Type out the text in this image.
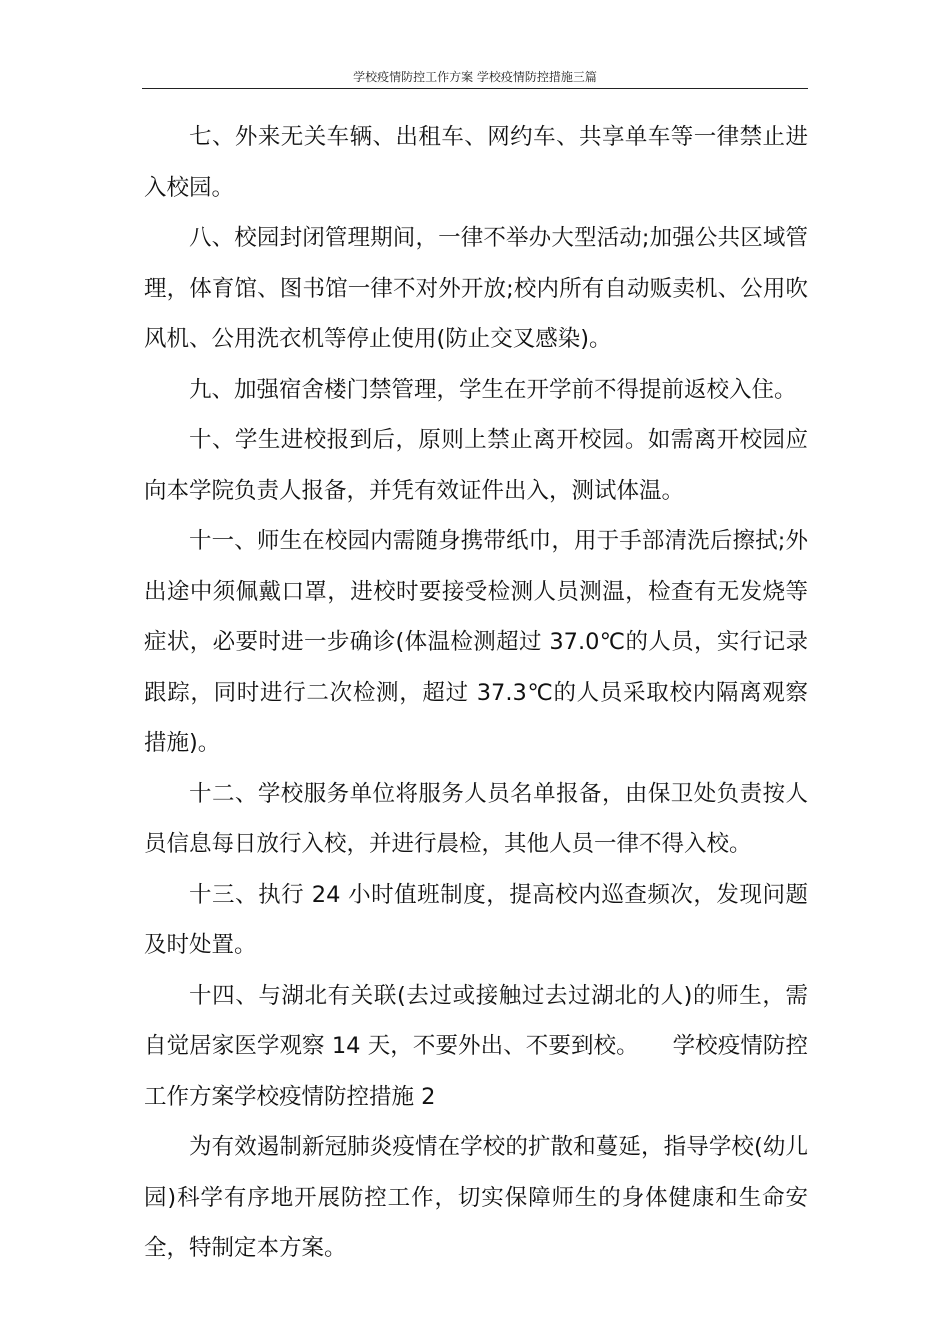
学校疫情防控工作方案 学校疫情防控措施三篇

七、外来无关车辆、出租车、网约车、共享单车等一律禁止进入校园。

八、校园封闭管理期间，一律不举办大型活动;加强公共区域管理，体育馆、图书馆一律不对外开放;校内所有自动贩卖机、公用吹风机、公用洗衣机等停止使用(防止交叉感染)。

九、加强宿舍楼门禁管理，学生在开学前不得提前返校入住。

十、学生进校报到后，原则上禁止离开校园。如需离开校园应向本学院负责人报备，并凭有效证件出入，测试体温。

十一、师生在校园内需随身携带纸巾，用于手部清洗后擦拭;外出途中须佩戴口罩，进校时要接受检测人员测温，检查有无发烧等症状，必要时进一步确诊(体温检测超过 37.0℃的人员，实行记录跟踪，同时进行二次检测，超过 37.3℃的人员采取校内隔离观察措施)。

十二、学校服务单位将服务人员名单报备，由保卫处负责按人员信息每日放行入校，并进行晨检，其他人员一律不得入校。

十三、执行 24 小时值班制度，提高校内巡查频次，发现问题及时处置。

十四、与湖北有关联(去过或接触过去过湖北的人)的师生，需自觉居家医学观察 14 天，不要外出、不要到校。　　学校疫情防控工作方案学校疫情防控措施 2

为有效遏制新冠肺炎疫情在学校的扩散和蔓延，指导学校(幼儿园)科学有序地开展防控工作，切实保障师生的身体健康和生命安全，特制定本方案。
